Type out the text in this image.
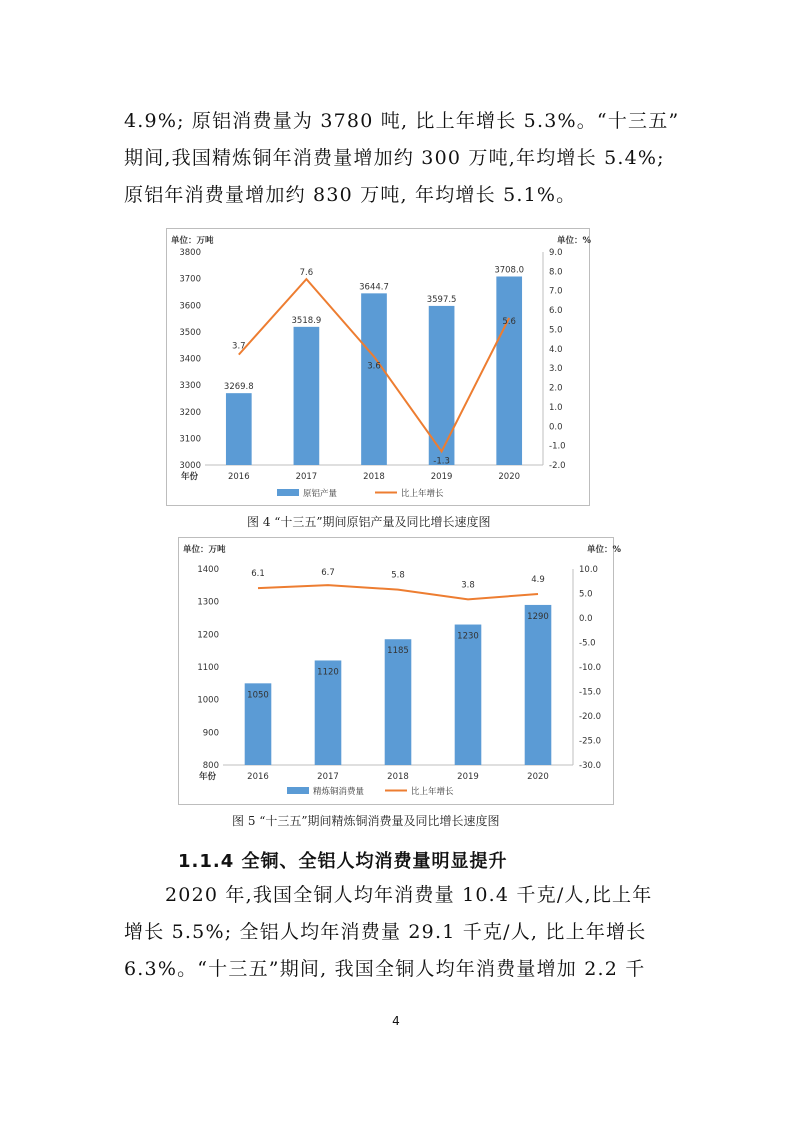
4.9%; 原铝消费量为 3780 吨, 比上年增长 5.3%。“十三五”
期间,我国精炼铜年消费量增加约 300 万吨,年均增长 5.4%;
原铝年消费量增加约 830 万吨, 年均增长 5.1%。
单位：万吨	单位：%
3000
3100
3200
3300
3400
3500
3600
3700
3800
-2.0
-1.0
0.0
1.0
2.0
3.0
4.0
5.0
6.0
7.0
8.0
9.0
年份
3269.8
2016
3518.9
2017
3644.7
2018
3597.5
2019
3708.0
2020
3.7
7.6
3.6
-1.3
5.6
原铝产量	比上年增长
图 4 “十三五”期间原铝产量及同比增长速度图
单位：万吨	单位：%
800
900
1000
1100
1200
1300
1400
-30.0
-25.0
-20.0
-15.0
-10.0
-5.0
0.0
5.0
10.0
年份
1050
2016
1120
2017
1185
2018
1230
2019
1290
2020
6.1	6.7	5.8
3.8
4.9
精炼铜消费量	比上年增长
图 5 “十三五”期间精炼铜消费量及同比增长速度图
1.1.4 全铜、全铝人均消费量明显提升
2020 年,我国全铜人均年消费量 10.4 千克/人,比上年
增长 5.5%; 全铝人均年消费量 29.1 千克/人, 比上年增长
6.3%。“十三五”期间, 我国全铜人均年消费量增加 2.2 千
4
